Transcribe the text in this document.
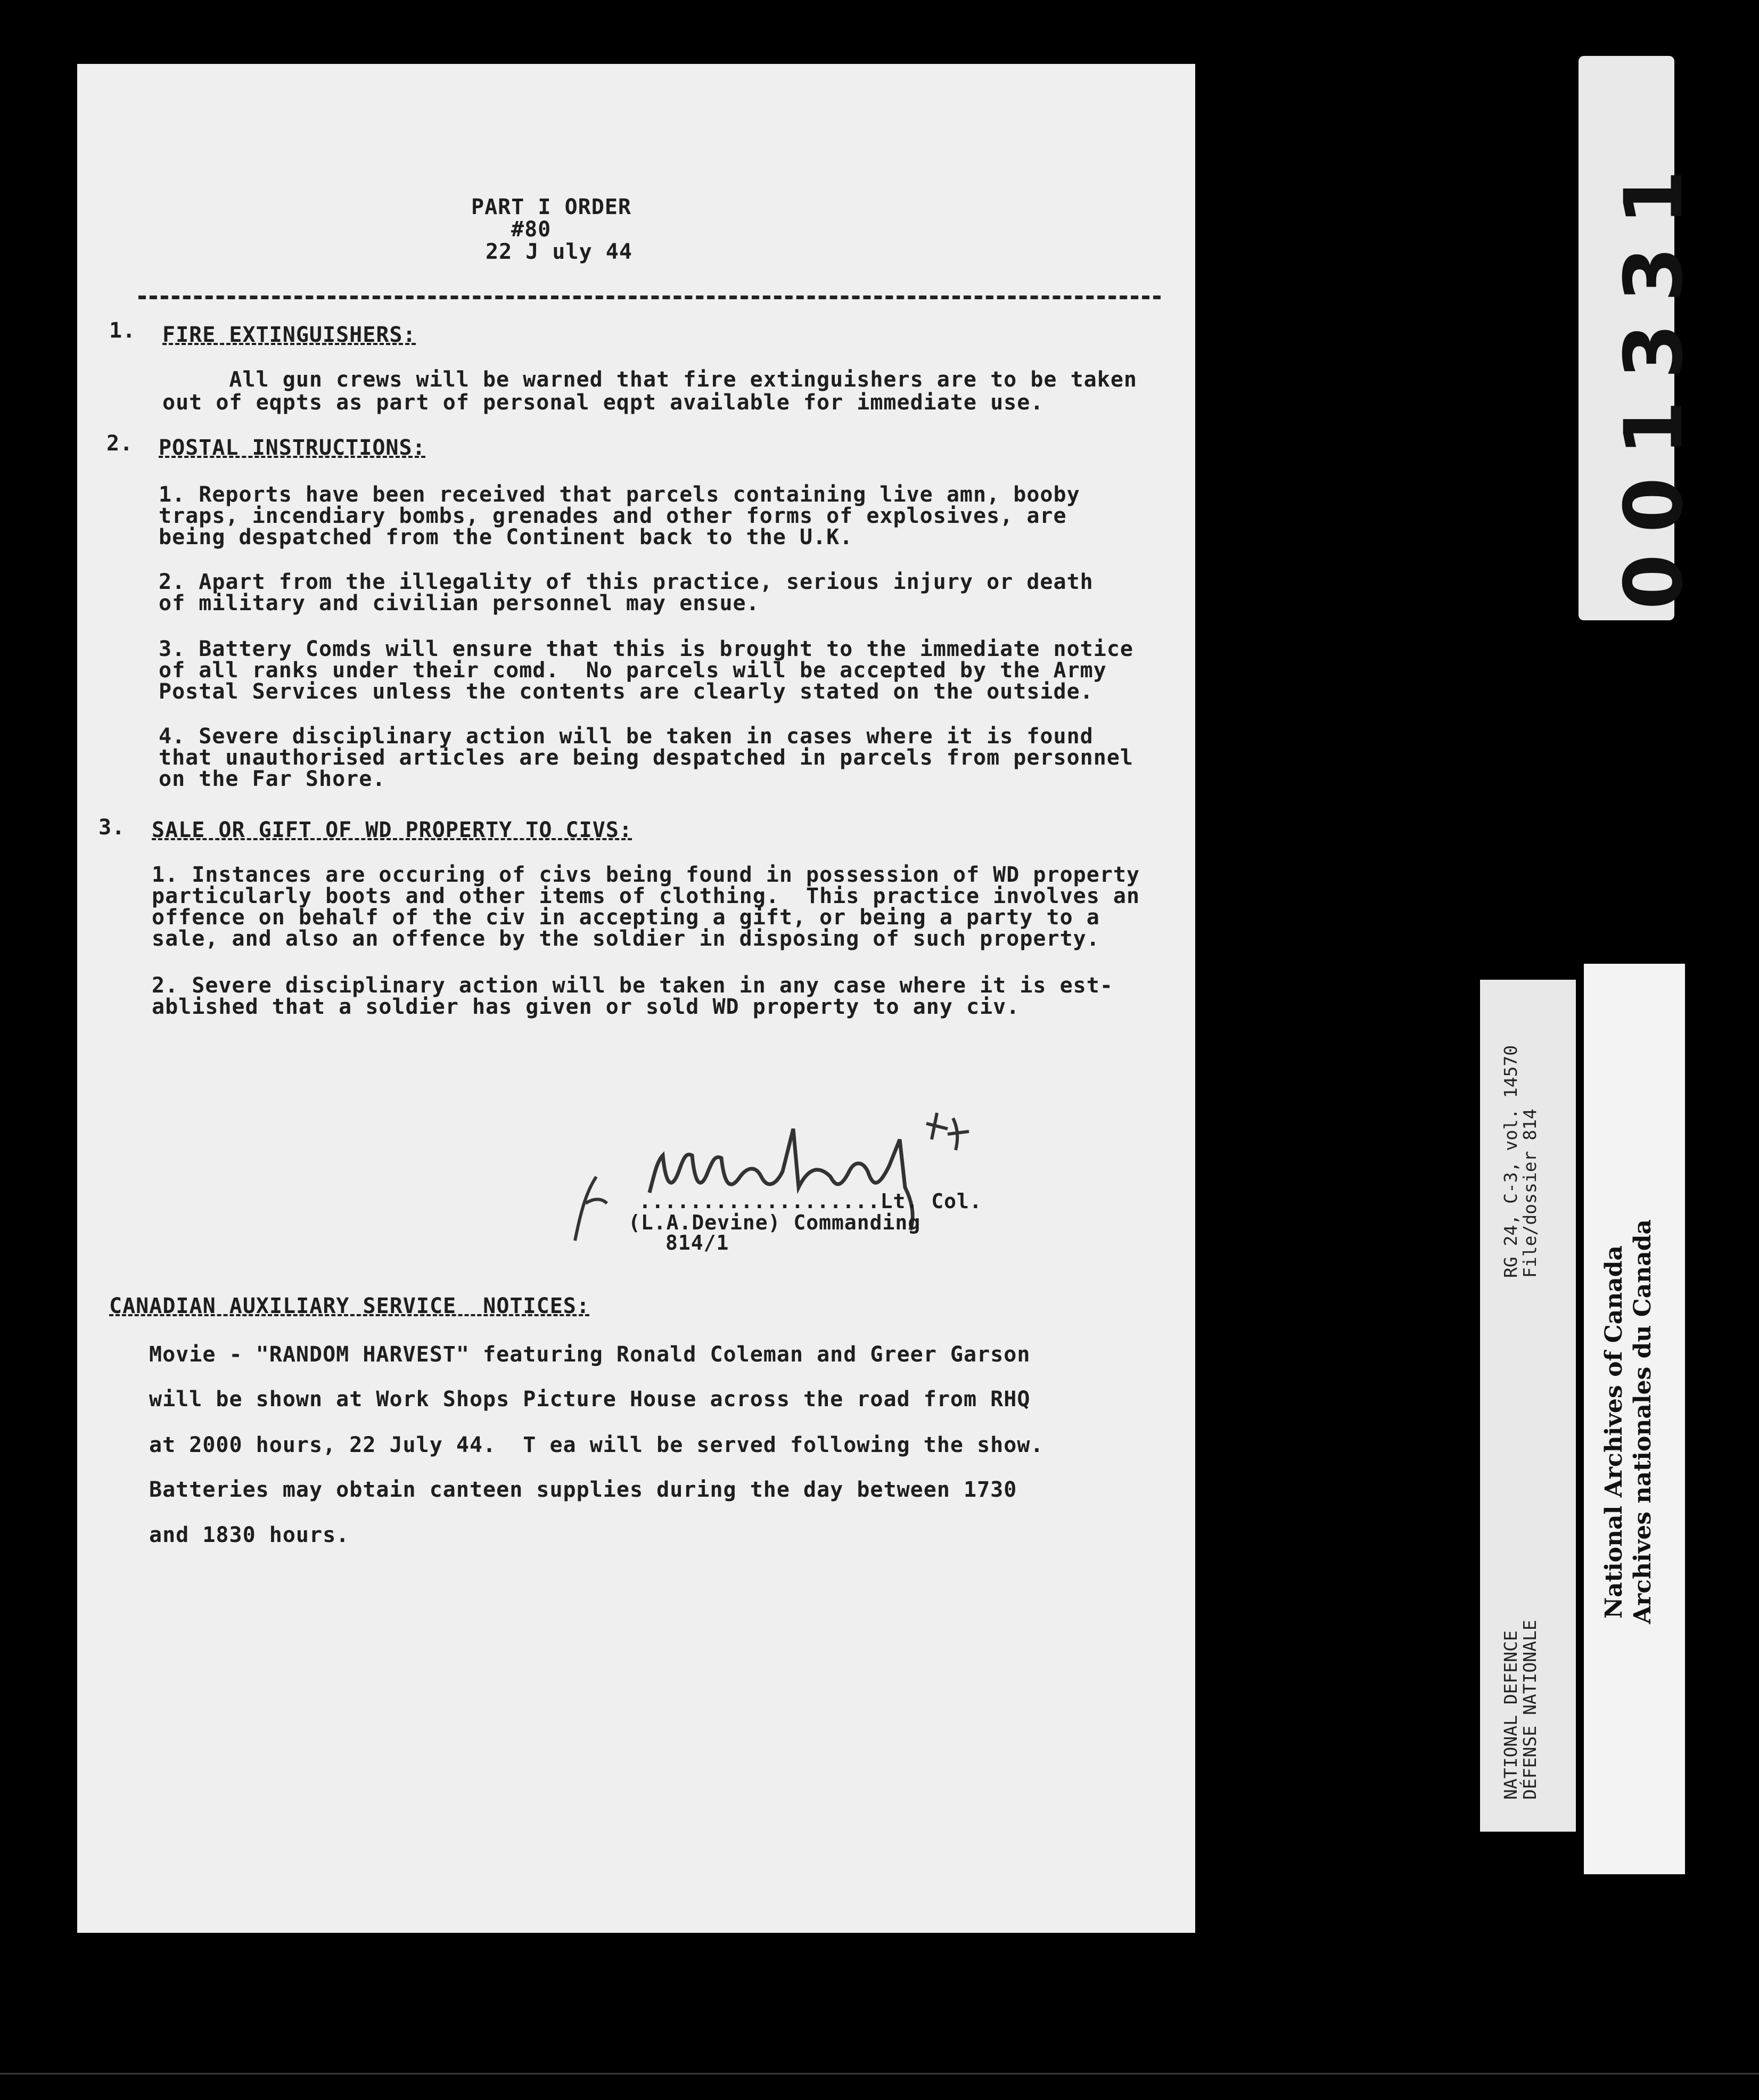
PART I ORDER
#80
22 J uly 44
1. FIRE EXTINGUISHERS:
All gun crews will be warned that fire extinguishers are to be taken
out of eqpts as part of personal eqpt available for immediate use.
2. POSTAL INSTRUCTIONS:
1. Reports have been received that parcels containing live amn, booby
traps, incendiary bombs, grenades and other forms of explosives, are
being despatched from the Continent back to the U.K.
2. Apart from the illegality of this practice, serious injury or death
of military and civilian personnel may ensue.
3. Battery Comds will ensure that this is brought to the immediate notice
of all ranks under their comd.  No parcels will be accepted by the Army
Postal Services unless the contents are clearly stated on the outside.
4. Severe disciplinary action will be taken in cases where it is found
that unauthorised articles are being despatched in parcels from personnel
on the Far Shore.
3. SALE OR GIFT OF WD PROPERTY TO CIVS:
1. Instances are occuring of civs being found in possession of WD property
particularly boots and other items of clothing.  This practice involves an
offence on behalf of the civ in accepting a gift, or being a party to a
sale, and also an offence by the soldier in disposing of such property.
2. Severe disciplinary action will be taken in any case where it is est-
ablished that a soldier has given or sold WD property to any civ.
...................Lt. Col.
(L.A.Devine) Commanding
814/1
CANADIAN AUXILIARY SERVICE  NOTICES:
Movie - "RANDOM HARVEST" featuring Ronald Coleman and Greer Garson
will be shown at Work Shops Picture House across the road from RHQ
at 2000 hours, 22 July 44.  T ea will be served following the show.
Batteries may obtain canteen supplies during the day between 1730
and 1830 hours.
001331
RG 24, C-3, vol. 14570
File/dossier 814
NATIONAL DEFENCE
DÉFENSE NATIONALE
National Archives of Canada Archives nationales du Canada
